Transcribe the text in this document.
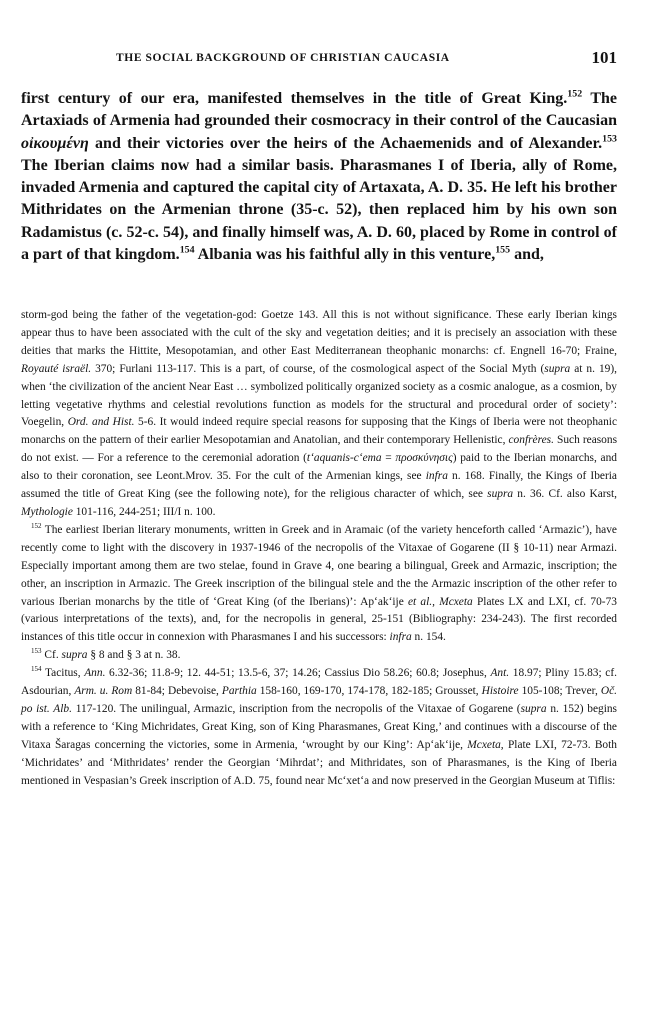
THE SOCIAL BACKGROUND OF CHRISTIAN CAUCASIA	101
first century of our era, manifested themselves in the title of Great King.$^{152}$ The Artaxiads of Armenia had grounded their cosmocracy in their control of the Caucasian οἰκουμένη and their victories over the heirs of the Achaemenids and of Alexander.$^{153}$ The Iberian claims now had a similar basis. Pharasmanes I of Iberia, ally of Rome, invaded Armenia and captured the capital city of Artaxata, A. D. 35. He left his brother Mithridates on the Armenian throne (35-c. 52), then replaced him by his own son Radamistus (c. 52-c. 54), and finally himself was, A. D. 60, placed by Rome in control of a part of that kingdom.$^{154}$ Albania was his faithful ally in this venture,$^{155}$ and,

storm-god being the father of the vegetation-god: Goetze 143. All this is not without significance. These early Iberian kings appear thus to have been associated with the cult of the sky and vegetation deities; and it is precisely an association with these deities that marks the Hittite, Mesopotamian, and other East Mediterranean theophanic monarchs: cf. Engnell 16-70; Fraine, Royauté israël. 370; Furlani 113-117. This is a part, of course, of the cosmological aspect of the Social Myth (supra at n. 19), when ‘the civilization of the ancient Near East … symbolized politically organized society as a cosmic analogue, as a cosmion, by letting vegetative rhythms and celestial revolutions function as models for the structural and procedural order of society’: Voegelin, Ord. and Hist. 5-6. It would indeed require special reasons for supposing that the Kings of Iberia were not theophanic monarchs on the pattern of their earlier Mesopotamian and Anatolian, and their contemporary Hellenistic, confrères. Such reasons do not exist. — For a reference to the ceremonial adoration (t‘aquanis-c‘ema = προσκύνησις) paid to the Iberian monarchs, and also to their coronation, see Leont.Mrov. 35. For the cult of the Armenian kings, see infra n. 168. Finally, the Kings of Iberia assumed the title of Great King (see the following note), for the religious character of which, see supra n. 36. Cf. also Karst, Mythologie 101-116, 244-251; III/I n. 100.

$^{152}$ The earliest Iberian literary monuments, written in Greek and in Aramaic (of the variety henceforth called ‘Armazic’), have recently come to light with the discovery in 1937-1946 of the necropolis of the Vitaxae of Gogarene (II § 10-11) near Armazi. Especially important among them are two stelae, found in Grave 4, one bearing a bilingual, Greek and Armazic, inscription; the other, an inscription in Armazic. The Greek inscription of the bilingual stele and the the Armazic inscription of the other refer to various Iberian monarchs by the title of ‘Great King (of the Iberians)’: Ap‘ak‘ije et al., Mcxeta Plates LX and LXI, cf. 70-73 (various interpretations of the texts), and, for the necropolis in general, 25-151 (Bibliography: 234-243). The first recorded instances of this title occur in connexion with Pharasmanes I and his successors: infra n. 154.

$^{153}$ Cf. supra § 8 and § 3 at n. 38.

$^{154}$ Tacitus, Ann. 6.32-36; 11.8-9; 12. 44-51; 13.5-6, 37; 14.26; Cassius Dio 58.26; 60.8; Josephus, Ant. 18.97; Pliny 15.83; cf. Asdourian, Arm. u. Rom 81-84; Debevoise, Parthia 158-160, 169-170, 174-178, 182-185; Grousset, Histoire 105-108; Trever, Oč. po ist. Alb. 117-120. The unilingual, Armazic, inscription from the necropolis of the Vitaxae of Gogarene (supra n. 152) begins with a reference to ‘King Michridates, Great King, son of King Pharasmanes, Great King,’ and continues with a discourse of the Vitaxa Šaragas concerning the victories, some in Armenia, ‘wrought by our King’: Ap‘ak‘ije, Mcxeta, Plate LXI, 72-73. Both ‘Michridates’ and ‘Mithridates’ render the Georgian ‘Mihrdat’; and Mithridates, son of Pharasmanes, is the King of Iberia mentioned in Vespasian’s Greek inscription of A.D. 75, found near Mc‘xet‘a and now preserved in the Georgian Museum at Tiflis:
